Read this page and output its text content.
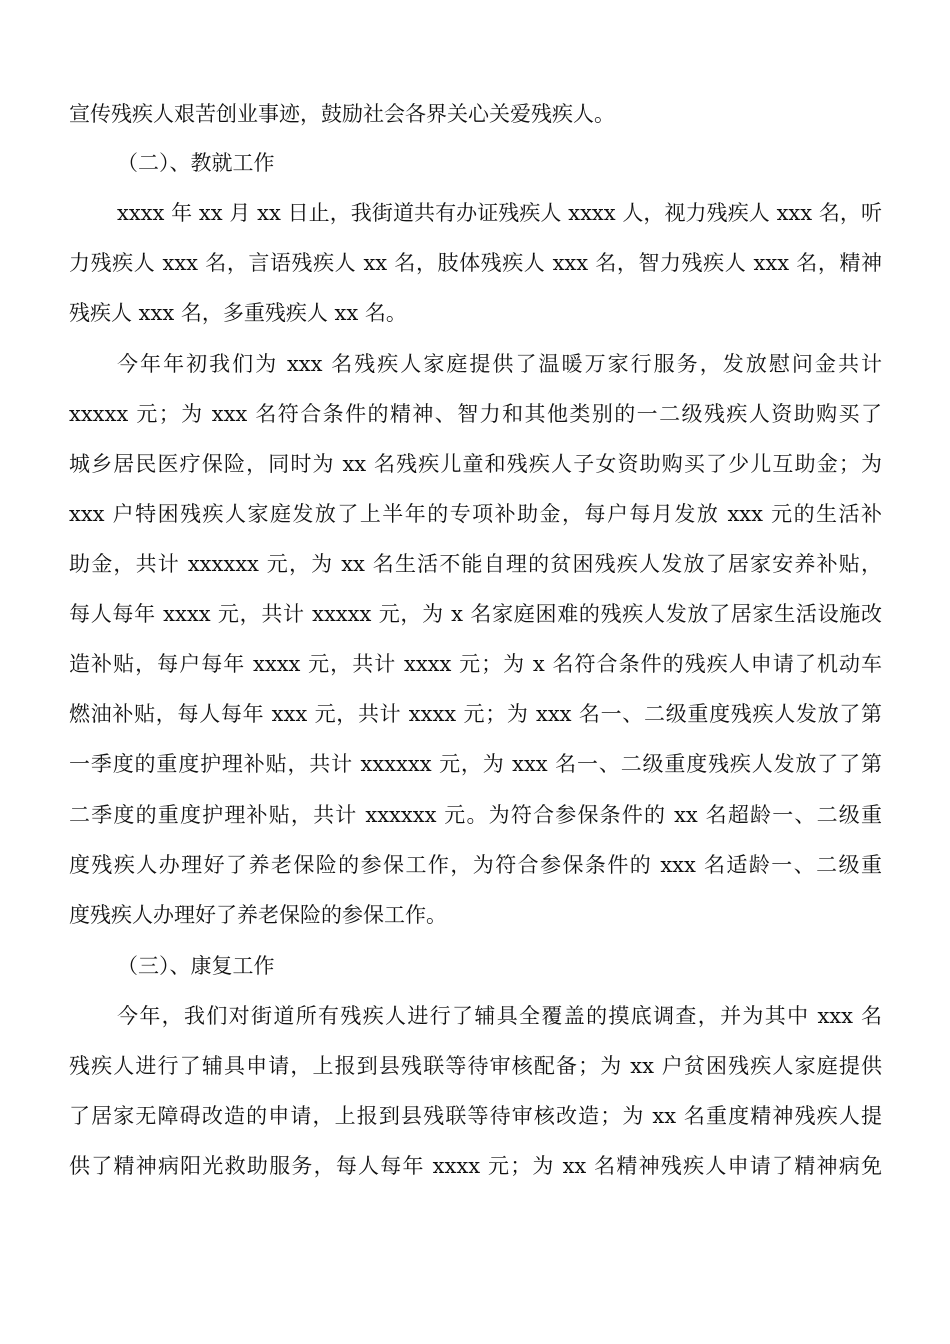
宣传残疾人艰苦创业事迹，鼓励社会各界关心关爱残疾人。
（二）、教就工作
xxxx 年 xx 月 xx 日止，我街道共有办证残疾人 xxxx 人，视力残疾人 xxx 名，听
力残疾人 xxx 名，言语残疾人 xx 名，肢体残疾人 xxx 名，智力残疾人 xxx 名，精神
残疾人 xxx 名，多重残疾人 xx 名。
今年年初我们为 xxx 名残疾人家庭提供了温暖万家行服务，发放慰问金共计
xxxxx 元；为 xxx 名符合条件的精神、智力和其他类别的一二级残疾人资助购买了
城乡居民医疗保险，同时为 xx 名残疾儿童和残疾人子女资助购买了少儿互助金；为
xxx 户特困残疾人家庭发放了上半年的专项补助金，每户每月发放 xxx 元的生活补
助金，共计 xxxxxx 元，为 xx 名生活不能自理的贫困残疾人发放了居家安养补贴，
每人每年 xxxx 元，共计 xxxxx 元，为 x 名家庭困难的残疾人发放了居家生活设施改
造补贴，每户每年 xxxx 元，共计 xxxx 元；为 x 名符合条件的残疾人申请了机动车
燃油补贴，每人每年 xxx 元，共计 xxxx 元；为 xxx 名一、二级重度残疾人发放了第
一季度的重度护理补贴，共计 xxxxxx 元，为 xxx 名一、二级重度残疾人发放了了第
二季度的重度护理补贴，共计 xxxxxx 元。为符合参保条件的 xx 名超龄一、二级重
度残疾人办理好了养老保险的参保工作，为符合参保条件的 xxx 名适龄一、二级重
度残疾人办理好了养老保险的参保工作。
（三）、康复工作
今年，我们对街道所有残疾人进行了辅具全覆盖的摸底调查，并为其中 xxx 名
残疾人进行了辅具申请，上报到县残联等待审核配备；为 xx 户贫困残疾人家庭提供
了居家无障碍改造的申请，上报到县残联等待审核改造；为 xx 名重度精神残疾人提
供了精神病阳光救助服务，每人每年 xxxx 元；为 xx 名精神残疾人申请了精神病免
